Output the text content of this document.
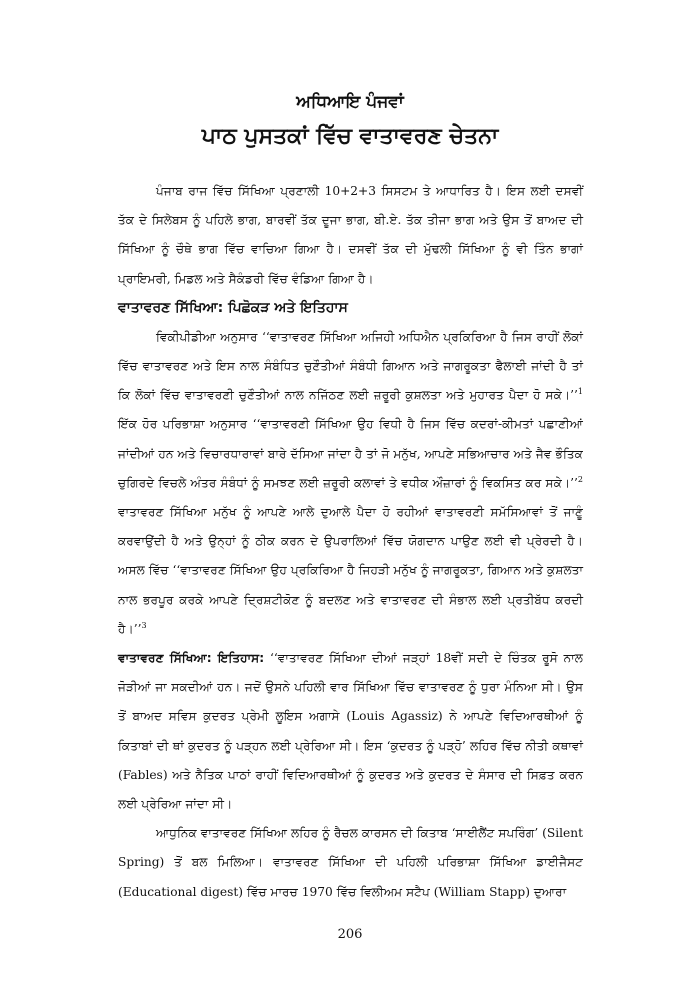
ਅਧਿਆਇ ਪੰਜਵਾਂ
ਪਾਠ ਪੁਸਤਕਾਂ ਵਿੱਚ ਵਾਤਾਵਰਣ ਚੇਤਨਾ

ਪੰਜਾਬ ਰਾਜ ਵਿੱਚ ਸਿੱਖਿਆ ਪ੍ਰਣਾਲੀ 10+2+3 ਸਿਸਟਮ ਤੇ ਆਧਾਰਿਤ ਹੈ। ਇਸ ਲਈ ਦਸਵੀਂ ਤੱਕ ਦੇ ਸਿਲੇਬਸ ਨੂੰ ਪਹਿਲੇ ਭਾਗ, ਬਾਰਵੀਂ ਤੱਕ ਦੂਜਾ ਭਾਗ, ਬੀ.ਏ. ਤੱਕ ਤੀਜਾ ਭਾਗ ਅਤੇ ਉਸ ਤੋਂ ਬਾਅਦ ਦੀ ਸਿੱਖਿਆ ਨੂੰ ਚੌਥੇ ਭਾਗ ਵਿੱਚ ਵਾਚਿਆ ਗਿਆ ਹੈ। ਦਸਵੀਂ ਤੱਕ ਦੀ ਮੁੱਢਲੀ ਸਿੱਖਿਆ ਨੂੰ ਵੀ ਤਿੰਨ ਭਾਗਾਂ ਪ੍ਰਾਇਮਰੀ, ਮਿਡਲ ਅਤੇ ਸੈਕੰਡਰੀ ਵਿੱਚ ਵੰਡਿਆ ਗਿਆ ਹੈ।

ਵਾਤਾਵਰਣ ਸਿੱਖਿਆ: ਪਿਛੋਕੜ ਅਤੇ ਇਤਿਹਾਸ

ਵਿਕੀਪੀਡੀਆ ਅਨੁਸਾਰ ‘‘ਵਾਤਾਵਰਣ ਸਿੱਖਿਆ ਅਜਿਹੀ ਅਧਿਐਨ ਪ੍ਰਕਿਰਿਆ ਹੈ ਜਿਸ ਰਾਹੀਂ ਲੋਕਾਂ ਵਿੱਚ ਵਾਤਾਵਰਣ ਅਤੇ ਇਸ ਨਾਲ ਸੰਬੰਧਿਤ ਚੁਣੌਤੀਆਂ ਸੰਬੰਧੀ ਗਿਆਨ ਅਤੇ ਜਾਗਰੂਕਤਾ ਫੈਲਾਈ ਜਾਂਦੀ ਹੈ ਤਾਂ ਕਿ ਲੋਕਾਂ ਵਿੱਚ ਵਾਤਾਵਰਣੀ ਚੁਣੌਤੀਆਂ ਨਾਲ ਨਜਿੱਠਣ ਲਈ ਜ਼ਰੂਰੀ ਕੁਸ਼ਲਤਾ ਅਤੇ ਮੁਹਾਰਤ ਪੈਦਾ ਹੋ ਸਕੇ।’’$^1$ ਇੱਕ ਹੋਰ ਪਰਿਭਾਸ਼ਾ ਅਨੁਸਾਰ ‘‘ਵਾਤਾਵਰਣੀ ਸਿੱਖਿਆ ਉਹ ਵਿਧੀ ਹੈ ਜਿਸ ਵਿੱਚ ਕਦਰਾਂ-ਕੀਮਤਾਂ ਪਛਾਣੀਆਂ ਜਾਂਦੀਆਂ ਹਨ ਅਤੇ ਵਿਚਾਰਧਾਰਾਵਾਂ ਬਾਰੇ ਦੱਸਿਆ ਜਾਂਦਾ ਹੈ ਤਾਂ ਜੋ ਮਨੁੱਖ, ਆਪਣੇ ਸਭਿਆਚਾਰ ਅਤੇ ਜੈਵ ਭੌਤਿਕ ਚੁਗਿਰਦੇ ਵਿਚਲੇ ਅੰਤਰ ਸੰਬੰਧਾਂ ਨੂੰ ਸਮਝਣ ਲਈ ਜ਼ਰੂਰੀ ਕਲਾਵਾਂ ਤੇ ਵਧੀਕ ਔਜ਼ਾਰਾਂ ਨੂੰ ਵਿਕਸਿਤ ਕਰ ਸਕੇ।’’$^2$ ਵਾਤਾਵਰਣ ਸਿੱਖਿਆ ਮਨੁੱਖ ਨੂੰ ਆਪਣੇ ਆਲੇ ਦੁਆਲੇ ਪੈਦਾ ਹੋ ਰਹੀਆਂ ਵਾਤਾਵਰਣੀ ਸਮੱਸਿਆਵਾਂ ਤੋਂ ਜਾਣੂੰ ਕਰਵਾਉਂਦੀ ਹੈ ਅਤੇ ਉਨ੍ਹਾਂ ਨੂੰ ਠੀਕ ਕਰਨ ਦੇ ਉਪਰਾਲਿਆਂ ਵਿੱਚ ਯੋਗਦਾਨ ਪਾਉਣ ਲਈ ਵੀ ਪ੍ਰੇਰਦੀ ਹੈ। ਅਸਲ ਵਿੱਚ ‘‘ਵਾਤਾਵਰਣ ਸਿੱਖਿਆ ਉਹ ਪ੍ਰਕਿਰਿਆ ਹੈ ਜਿਹੜੀ ਮਨੁੱਖ ਨੂੰ ਜਾਗਰੂਕਤਾ, ਗਿਆਨ ਅਤੇ ਕੁਸ਼ਲਤਾ ਨਾਲ ਭਰਪੂਰ ਕਰਕੇ ਆਪਣੇ ਦ੍ਰਿਸ਼ਟੀਕੋਣ ਨੂੰ ਬਦਲਣ ਅਤੇ ਵਾਤਾਵਰਣ ਦੀ ਸੰਭਾਲ ਲਈ ਪ੍ਰਤੀਬੱਧ ਕਰਦੀ ਹੈ।’’$^3$

ਵਾਤਾਵਰਣ ਸਿੱਖਿਆ: ਇਤਿਹਾਸ: ‘‘ਵਾਤਾਵਰਣ ਸਿੱਖਿਆ ਦੀਆਂ ਜੜ੍ਹਾਂ 18ਵੀਂ ਸਦੀ ਦੇ ਚਿੰਤਕ ਰੂਸੋ ਨਾਲ ਜੋੜੀਆਂ ਜਾ ਸਕਦੀਆਂ ਹਨ। ਜਦੋਂ ਉਸਨੇ ਪਹਿਲੀ ਵਾਰ ਸਿੱਖਿਆ ਵਿੱਚ ਵਾਤਾਵਰਣ ਨੂੰ ਧੁਰਾ ਮੰਨਿਆ ਸੀ। ਉਸ ਤੋਂ ਬਾਅਦ ਸਵਿਸ ਕੁਦਰਤ ਪ੍ਰੇਮੀ ਲੂਇਸ ਅਗਾਸੇ (Louis Agassiz) ਨੇ ਆਪਣੇ ਵਿਦਿਆਰਥੀਆਂ ਨੂੰ ਕਿਤਾਬਾਂ ਦੀ ਥਾਂ ਕੁਦਰਤ ਨੂੰ ਪੜ੍ਹਨ ਲਈ ਪ੍ਰੇਰਿਆ ਸੀ। ਇਸ ‘ਕੁਦਰਤ ਨੂੰ ਪੜ੍ਹੋ’ ਲਹਿਰ ਵਿੱਚ ਨੀਤੀ ਕਥਾਵਾਂ (Fables) ਅਤੇ ਨੈਤਿਕ ਪਾਠਾਂ ਰਾਹੀਂ ਵਿਦਿਆਰਥੀਆਂ ਨੂੰ ਕੁਦਰਤ ਅਤੇ ਕੁਦਰਤ ਦੇ ਸੰਸਾਰ ਦੀ ਸਿਫ਼ਤ ਕਰਨ ਲਈ ਪ੍ਰੇਰਿਆ ਜਾਂਦਾ ਸੀ।

ਆਧੁਨਿਕ ਵਾਤਾਵਰਣ ਸਿੱਖਿਆ ਲਹਿਰ ਨੂੰ ਰੈਚਲ ਕਾਰਸਨ ਦੀ ਕਿਤਾਬ ‘ਸਾਈਲੈਂਟ ਸਪਰਿੰਗ’ (Silent Spring) ਤੋਂ ਬਲ ਮਿਲਿਆ। ਵਾਤਾਵਰਣ ਸਿੱਖਿਆ ਦੀ ਪਹਿਲੀ ਪਰਿਭਾਸ਼ਾ ਸਿੱਖਿਆ ਡਾਈਜੈਸਟ (Educational digest) ਵਿੱਚ ਮਾਰਚ 1970 ਵਿੱਚ ਵਿਲੀਅਮ ਸਟੈਪ (William Stapp) ਦੁਆਰਾ

206
